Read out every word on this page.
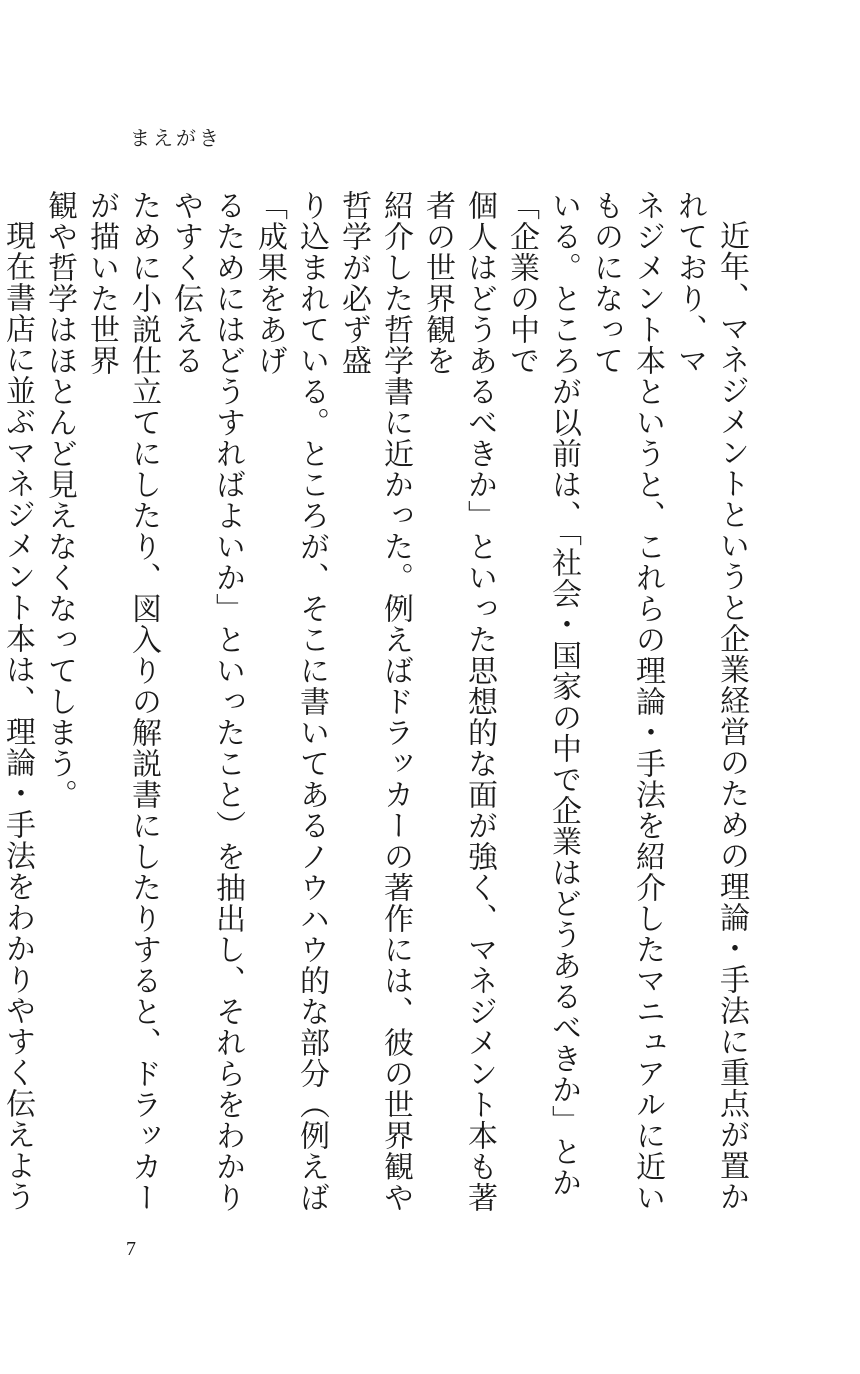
まえがき

近年、マネジメントというと企業経営のための理論・手法に重点が置かれており、マ
ネジメント本というと、これらの理論・手法を紹介したマニュアルに近いものになって
いる。ところが以前は、「社会・国家の中で企業はどうあるべきか」とか「企業の中で
個人はどうあるべきか」といった思想的な面が強く、マネジメント本も著者の世界観を
紹介した哲学書に近かった。例えばドラッカーの著作には、彼の世界観や哲学が必ず盛
り込まれている。ところが、そこに書いてあるノウハウ的な部分（例えば「成果をあげ
るためにはどうすればよいか」といったこと）を抽出し、それらをわかりやすく伝える
ために小説仕立てにしたり、図入りの解説書にしたりすると、ドラッカーが描いた世界
観や哲学はほとんど見えなくなってしまう。

現在書店に並ぶマネジメント本は、理論・手法をわかりやすく伝えよう

7
